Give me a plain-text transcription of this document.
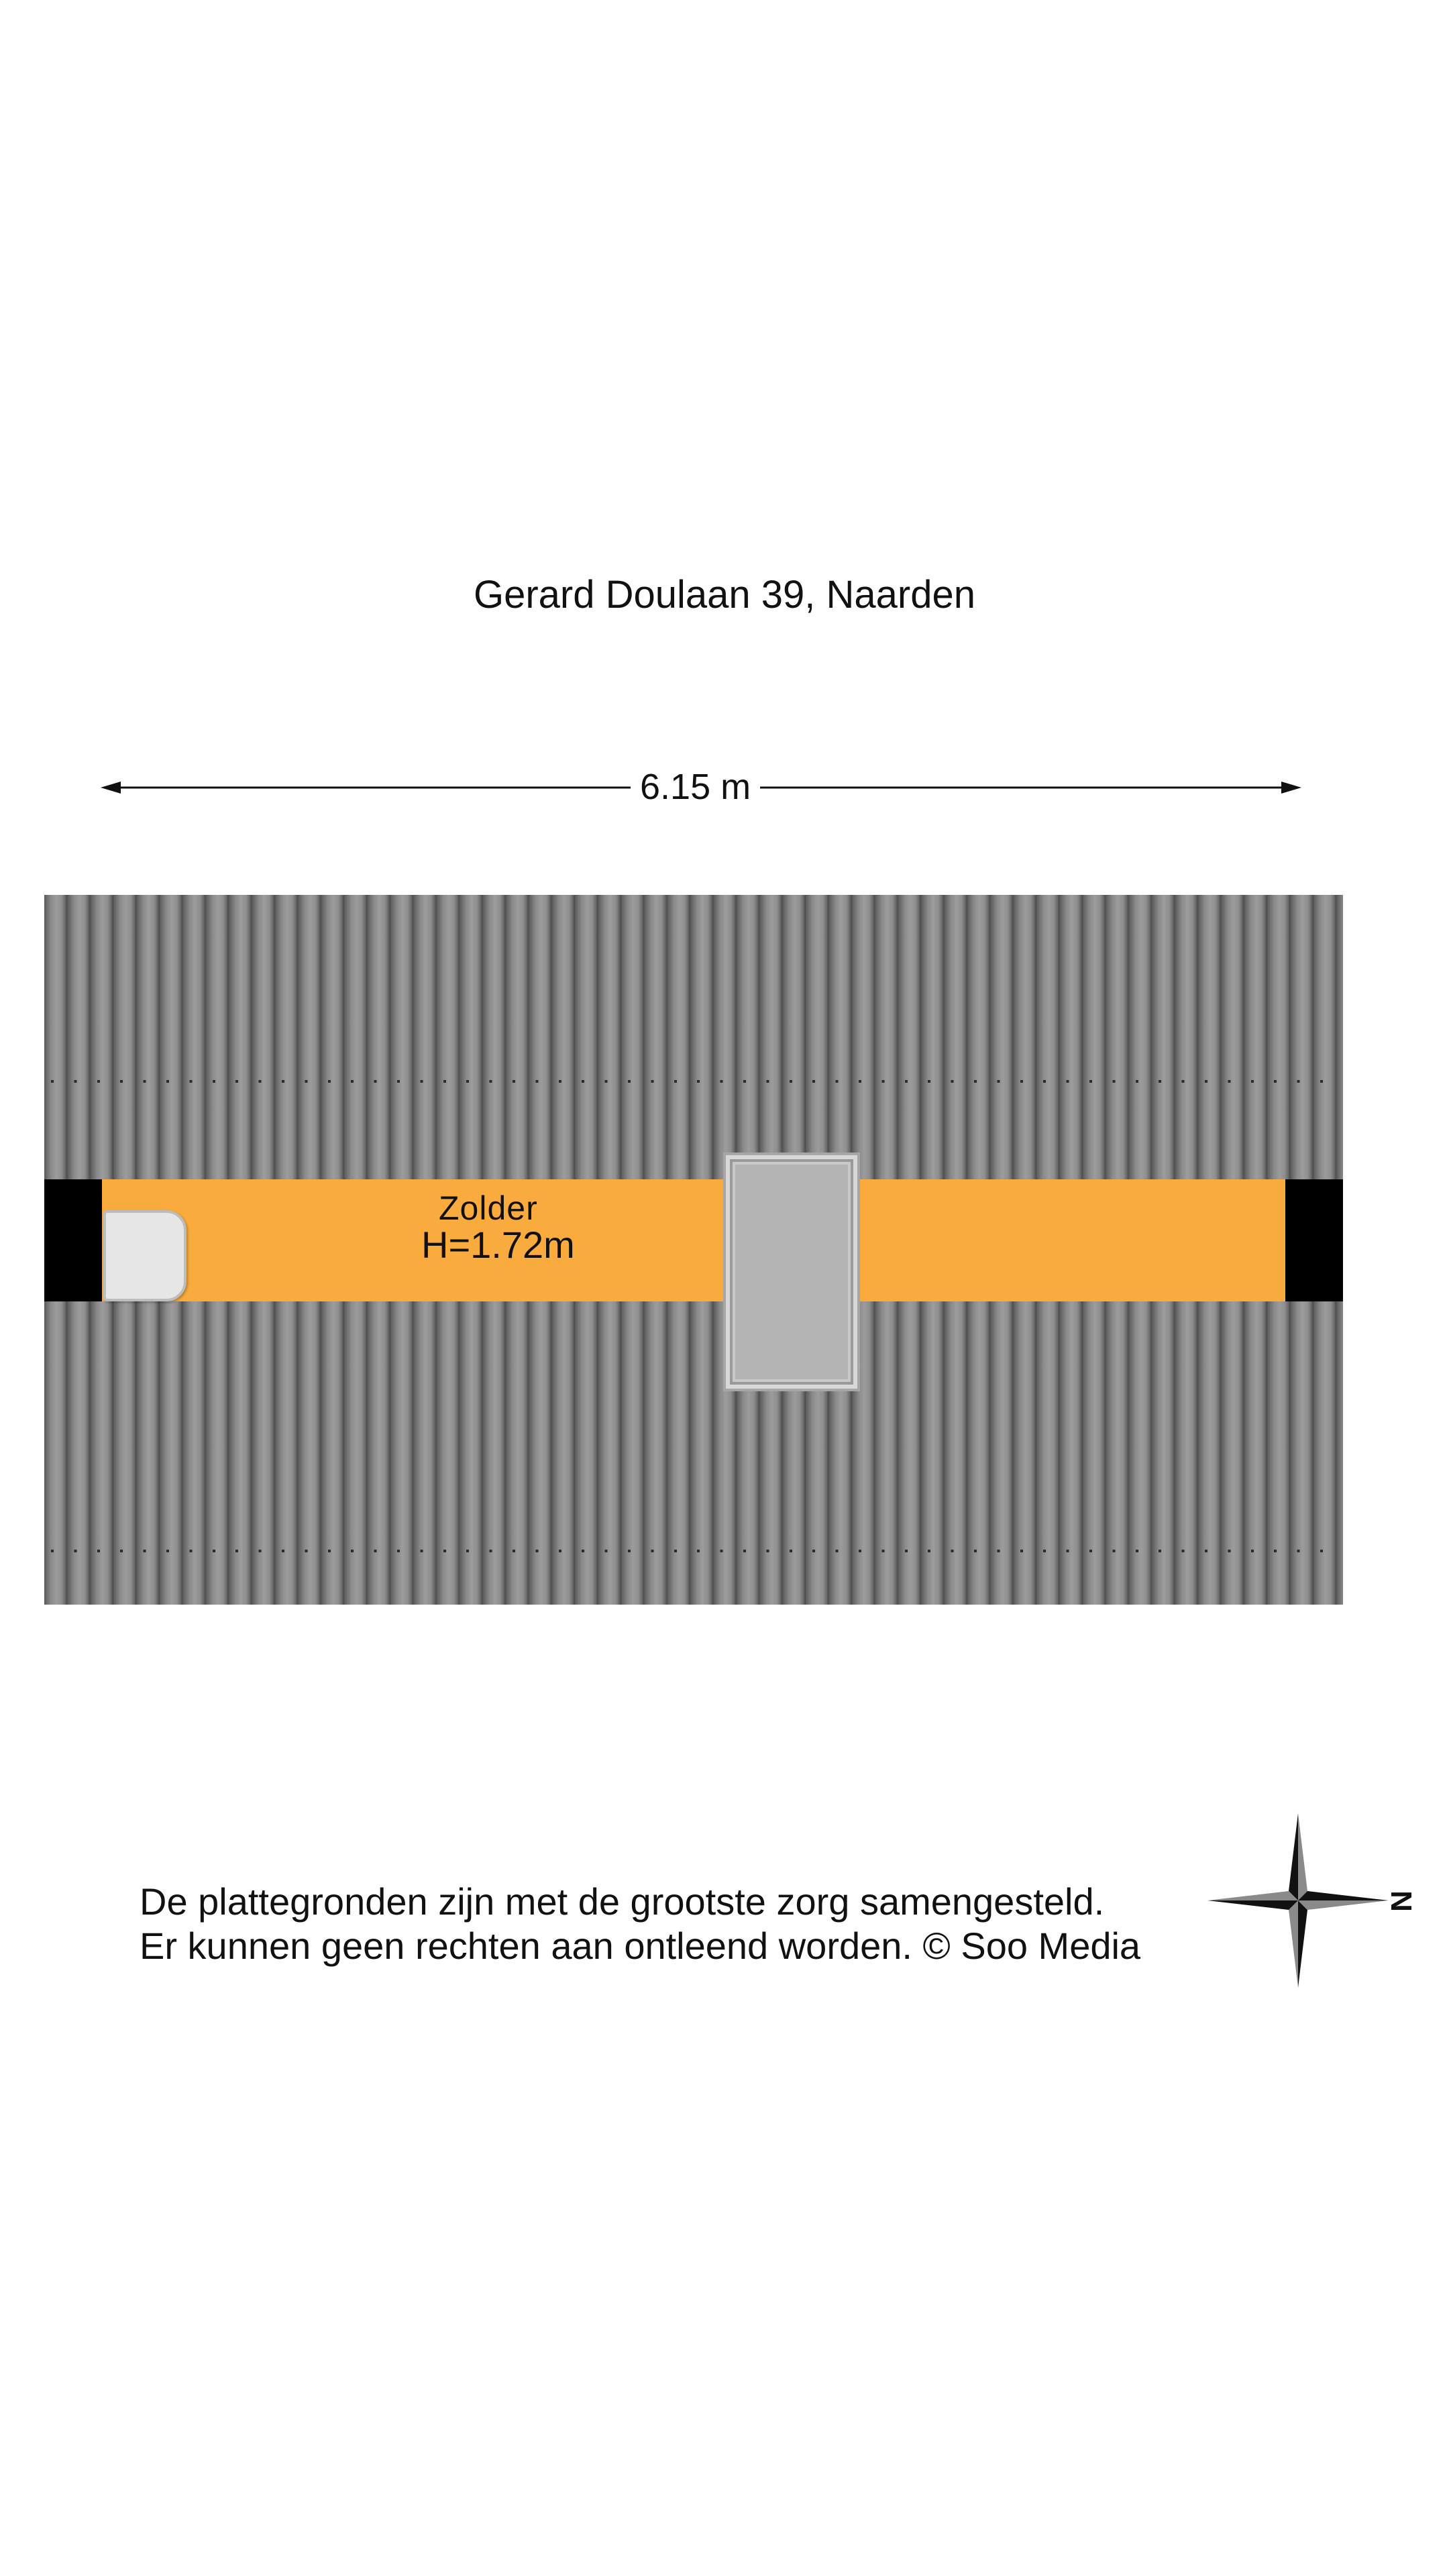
Gerard Doulaan 39, Naarden
6.15 m
Zolder
H=1.72m
De plattegronden zijn met de grootste zorg samengesteld.
Er kunnen geen rechten aan ontleend worden. © Soo Media
N
